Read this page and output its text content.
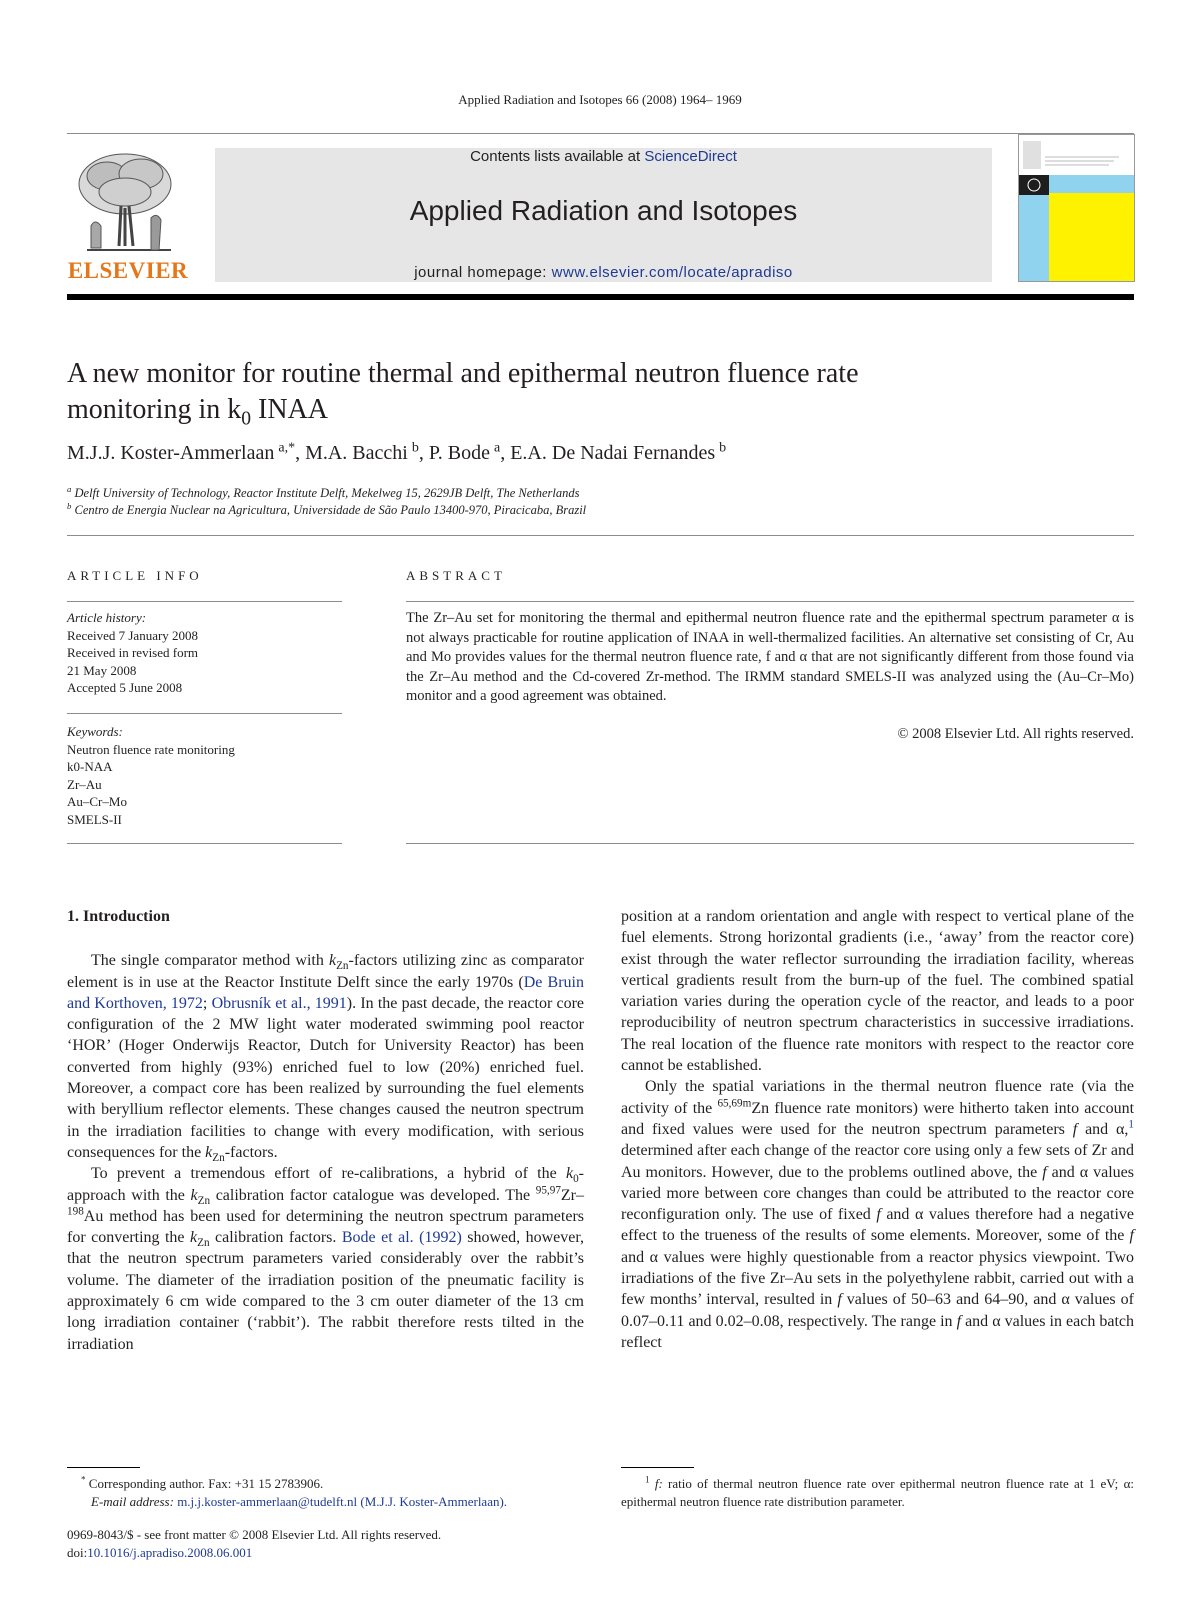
Applied Radiation and Isotopes 66 (2008) 1964– 1969
ELSEVIER
Contents lists available at ScienceDirect
Applied Radiation and Isotopes
journal homepage: www.elsevier.com/locate/apradiso
A new monitor for routine thermal and epithermal neutron fluence rate
monitoring in $k_0$ INAA
M.J.J. Koster-Ammerlaan  $^{a,*}$, M.A. Bacchi  $^b$, P. Bode  $^a$, E.A. De Nadai Fernandes  $^b$
$^a$ Delft University of Technology, Reactor Institute Delft, Mekelweg 15, 2629JB Delft, The Netherlands
$^b$ Centro de Energia Nuclear na Agricultura, Universidade de São Paulo 13400-970, Piracicaba, Brazil
ARTICLE INFO
Article history:
Received 7 January 2008
Received in revised form
21 May 2008
Accepted 5 June 2008
Keywords:
Neutron fluence rate monitoring
k0-NAA
Zr–Au
Au–Cr–Mo
SMELS-II
ABSTRACT
The Zr–Au set for monitoring the thermal and epithermal neutron fluence rate and the epithermal spectrum parameter α is not always practicable for routine application of INAA in well-thermalized facilities. An alternative set consisting of Cr, Au and Mo provides values for the thermal neutron fluence rate, f and α that are not significantly different from those found via the Zr–Au method and the Cd-covered Zr-method. The IRMM standard SMELS-II was analyzed using the (Au–Cr–Mo) monitor and a good agreement was obtained.
© 2008 Elsevier Ltd. All rights reserved.
1. Introduction

The single comparator method with $k_{Zn}$-factors utilizing zinc as comparator element is in use at the Reactor Institute Delft since the early 1970s (De Bruin and Korthoven, 1972; Obrusník et al., 1991). In the past decade, the reactor core configuration of the 2 MW light water moderated swimming pool reactor ‘HOR’ (Hoger Onderwijs Reactor, Dutch for University Reactor) has been converted from highly (93%) enriched fuel to low (20%) enriched fuel. Moreover, a compact core has been realized by surrounding the fuel elements with beryllium reflector elements. These changes caused the neutron spectrum in the irradiation facilities to change with every modification, with serious consequences for the $k_{Zn}$-factors.

To prevent a tremendous effort of re-calibrations, a hybrid of the $k_0$-approach with the $k_{Zn}$ calibration factor catalogue was developed. The $^{95,97}$Zr–$^{198}$Au method has been used for determining the neutron spectrum parameters for converting the $k_{Zn}$ calibration factors. Bode et al. (1992) showed, however, that the neutron spectrum parameters varied considerably over the rabbit’s volume. The diameter of the irradiation position of the pneumatic facility is approximately 6 cm wide compared to the 3 cm outer diameter of the 13 cm long irradiation container (‘rabbit’). The rabbit therefore rests tilted in the irradiation

position at a random orientation and angle with respect to vertical plane of the fuel elements. Strong horizontal gradients (i.e., ‘away’ from the reactor core) exist through the water reflector surrounding the irradiation facility, whereas vertical gradients result from the burn-up of the fuel. The combined spatial variation varies during the operation cycle of the reactor, and leads to a poor reproducibility of neutron spectrum characteristics in successive irradiations. The real location of the fluence rate monitors with respect to the reactor core cannot be established.

Only the spatial variations in the thermal neutron fluence rate (via the activity of the $^{65,69m}$Zn fluence rate monitors) were hitherto taken into account and fixed values were used for the neutron spectrum parameters f and α,$^1$ determined after each change of the reactor core using only a few sets of Zr and Au monitors. However, due to the problems outlined above, the f and α values varied more between core changes than could be attributed to the reactor core reconfiguration only. The use of fixed f and α values therefore had a negative effect to the trueness of the results of some elements. Moreover, some of the f and α values were highly questionable from a reactor physics viewpoint. Two irradiations of the five Zr–Au sets in the polyethylene rabbit, carried out with a few months’ interval, resulted in f values of 50–63 and 64–90, and α values of 0.07–0.11 and 0.02–0.08, respectively. The range in f and α values in each batch reflect

* Corresponding author. Fax: +31 15 2783906.
E-mail address: m.j.j.koster-ammerlaan@tudelft.nl (M.J.J. Koster-Ammerlaan).
0969-8043/$ - see front matter © 2008 Elsevier Ltd. All rights reserved.
doi:10.1016/j.apradiso.2008.06.001
$^1$ f: ratio of thermal neutron fluence rate over epithermal neutron fluence rate at 1 eV; α: epithermal neutron fluence rate distribution parameter.
